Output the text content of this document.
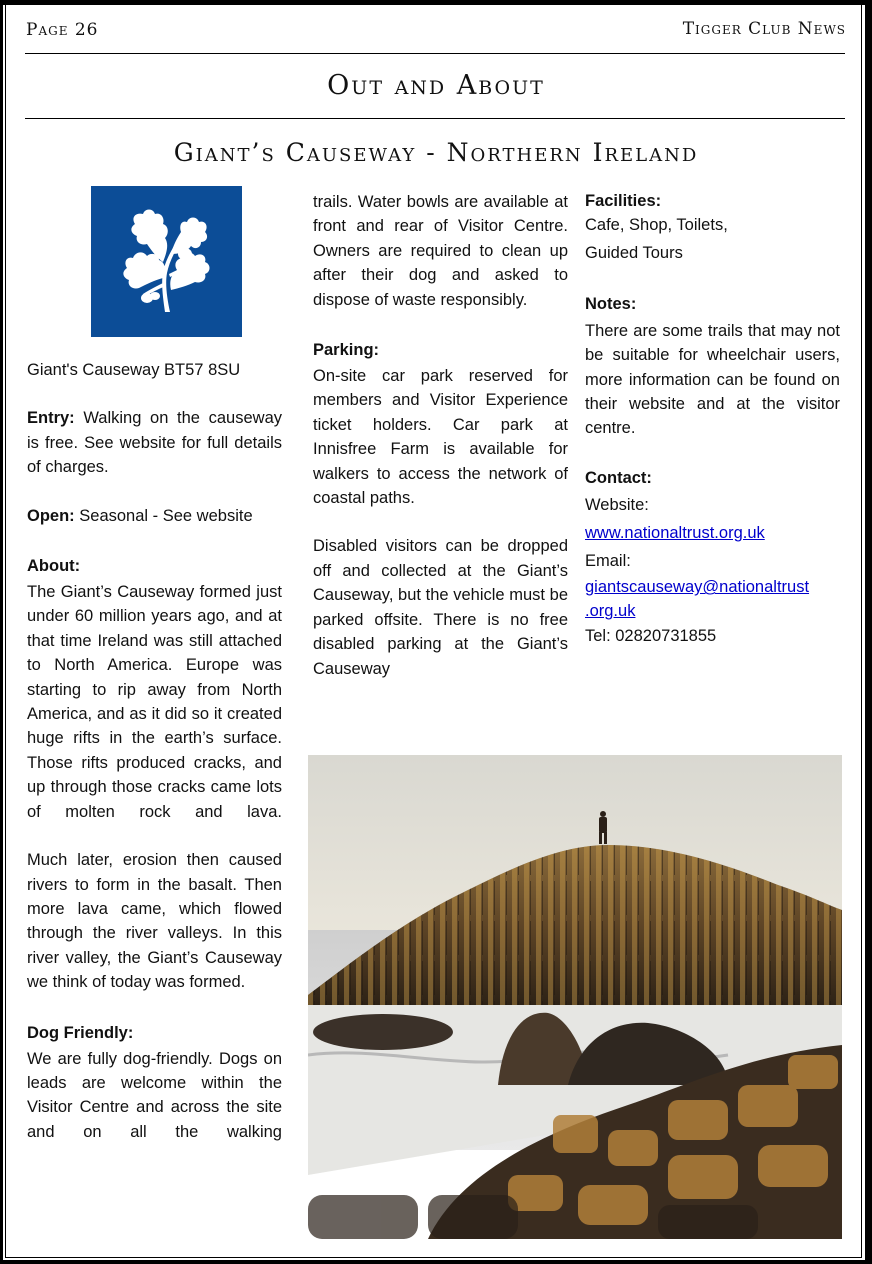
Page 26	Tigger Club News
Out and About
Giant’s Causeway - Northern Ireland

Giant's Causeway BT57 8SU

Entry: Walking on the causeway is free. See website for full details of charges.

Open: Seasonal - See website

About:

The Giant’s Causeway formed just under 60 million years ago, and at that time Ireland was still attached to North America. Europe was starting to rip away from North America, and as it did so it created huge rifts in the earth’s surface. Those rifts produced cracks, and up through those cracks came lots of molten rock and lava.

Much later, erosion then caused rivers to form in the basalt. Then more lava came, which flowed through the river valleys. In this river valley, the Giant’s Causeway we think of today was formed.

Dog Friendly:

We are fully dog-friendly. Dogs on leads are welcome within the Visitor Centre and across the site and on all the walking

trails. Water bowls are available at front and rear of Visitor Centre. Owners are required to clean up after their dog and asked to dispose of waste responsibly.

Parking:

On-site car park reserved for members and Visitor Experience ticket holders. Car park at Innisfree Farm is available for walkers to access the network of coastal paths.

Disabled visitors can be dropped off and collected at the Giant’s Causeway, but the vehicle must be parked offsite. There is no free disabled parking at the Giant’s Causeway

Facilities:

Cafe, Shop, Toilets,

Guided Tours

Notes:

There are some trails that may not be suitable for wheelchair users, more information can be found on their website and at the visitor centre.

Contact:

Website:

www.nationaltrust.org.uk

Email:

giantscauseway@nationaltrust
.org.uk

Tel: 02820731855
